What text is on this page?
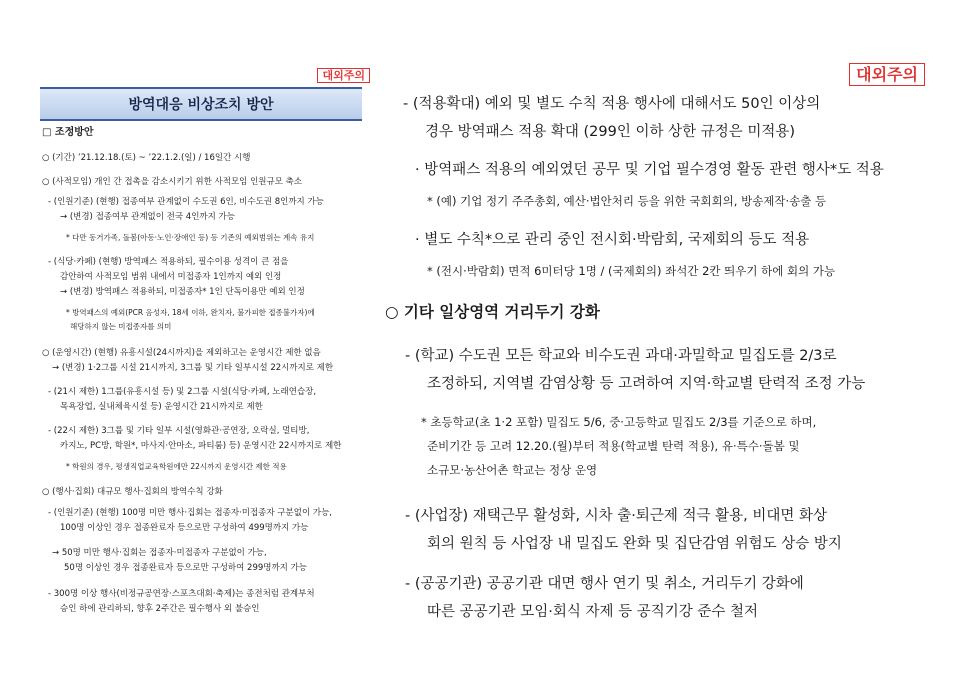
대외주의
방역대응 비상조치 방안
□ 조정방안
○ (기간) ’21.12.18.(토) ~ ’22.1.2.(일) / 16일간 시행
○ (사적모임) 개인 간 접촉을 감소시키기 위한 사적모임 인원규모 축소
- (인원기준) (현행) 접종여부 관계없이 수도권 6인, 비수도권 8인까지 가능
→ (변경) 접종여부 관계없이 전국 4인까지 가능
* 다만 동거가족, 돌봄(아동·노인·장애인 등) 등 기존의 예외범위는 계속 유지
- (식당·카페) (현행) 방역패스 적용하되, 필수이용 성격이 큰 점을
감안하여 사적모임 범위 내에서 미접종자 1인까지 예외 인정
→ (변경) 방역패스 적용하되, 미접종자* 1인 단독이용만 예외 인정
* 방역패스의 예외(PCR 음성자, 18세 이하, 완치자, 불가피한 접종불가자)에
해당하지 않는 미접종자를 의미
○ (운영시간) (현행) 유흥시설(24시까지)을 제외하고는 운영시간 제한 없음
→ (변경) 1·2그룹 시설 21시까지, 3그룹 및 기타 일부시설 22시까지로 제한
- (21시 제한) 1그룹(유흥시설 등) 및 2그룹 시설(식당·카페, 노래연습장,
목욕장업, 실내체육시설 등) 운영시간 21시까지로 제한
- (22시 제한) 3그룹 및 기타 일부 시설(영화관·공연장, 오락실, 멀티방,
카지노, PC방, 학원*, 마사지·안마소, 파티룸) 등) 운영시간 22시까지로 제한
* 학원의 경우, 평생직업교육학원에만 22시까지 운영시간 제한 적용
○ (행사·집회) 대규모 행사·집회의 방역수칙 강화
- (인원기준) (현행) 100명 미만 행사·집회는 접종자·미접종자 구분없이 가능,
100명 이상인 경우 접종완료자 등으로만 구성하여 499명까지 가능
→ 50명 미만 행사·집회는 접종자·미접종자 구분없이 가능,
50명 이상인 경우 접종완료자 등으로만 구성하여 299명까지 가능
- 300명 이상 행사(비정규공연장·스포츠대회·축제)는 종전처럼 관계부처
승인 하에 관리하되, 향후 2주간은 필수행사 외 불승인
대외주의
- (적용확대) 예외 및 별도 수칙 적용 행사에 대해서도 50인 이상의
경우 방역패스 적용 확대 (299인 이하 상한 규정은 미적용)
· 방역패스 적용의 예외였던 공무 및 기업 필수경영 활동 관련 행사*도 적용
* (예) 기업 정기 주주총회, 예산·법안처리 등을 위한 국회회의, 방송제작·송출 등
· 별도 수칙*으로 관리 중인 전시회·박람회, 국제회의 등도 적용
* (전시·박람회) 면적 6미터당 1명 / (국제회의) 좌석간 2칸 띄우기 하에 회의 가능
○ 기타 일상영역 거리두기 강화
- (학교) 수도권 모든 학교와 비수도권 과대·과밀학교 밀집도를 2/3로
조정하되, 지역별 감염상황 등 고려하여 지역·학교별 탄력적 조정 가능
* 초등학교(초 1·2 포함) 밀집도 5/6, 중·고등학교 밀집도 2/3를 기준으로 하며,
준비기간 등 고려 12.20.(월)부터 적용(학교별 탄력 적용), 유·특수·돌봄 및
소규모·농산어촌 학교는 정상 운영
- (사업장) 재택근무 활성화, 시차 출·퇴근제 적극 활용, 비대면 화상
회의 원칙 등 사업장 내 밀집도 완화 및 집단감염 위험도 상승 방지
- (공공기관) 공공기관 대면 행사 연기 및 취소, 거리두기 강화에
따른 공공기관 모임·회식 자제 등 공직기강 준수 철저
